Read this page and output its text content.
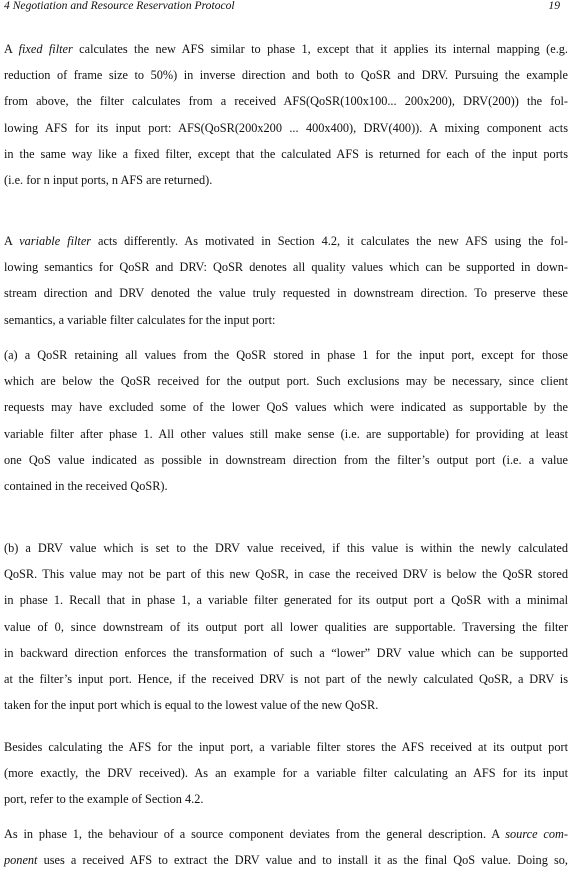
4 Negotiation and Resource Reservation Protocol	19
A fixed filter calculates the new AFS similar to phase 1, except that it applies its internal mapping (e.g.
reduction of frame size to 50%) in inverse direction and both to QoSR and DRV. Pursuing the example
from above, the filter calculates from a received AFS(QoSR(100x100... 200x200), DRV(200)) the fol-
lowing AFS for its input port: AFS(QoSR(200x200 ... 400x400), DRV(400)). A mixing component acts
in the same way like a fixed filter, except that the calculated AFS is returned for each of the input ports
(i.e. for n input ports, n AFS are returned).
A variable filter acts differently. As motivated in Section 4.2, it calculates the new AFS using the fol-
lowing semantics for QoSR and DRV: QoSR denotes all quality values which can be supported in down-
stream direction and DRV denoted the value truly requested in downstream direction. To preserve these
semantics, a variable filter calculates for the input port:
(a) a QoSR retaining all values from the QoSR stored in phase 1 for the input port, except for those
which are below the QoSR received for the output port. Such exclusions may be necessary, since client
requests may have excluded some of the lower QoS values which were indicated as supportable by the
variable filter after phase 1. All other values still make sense (i.e. are supportable) for providing at least
one QoS value indicated as possible in downstream direction from the filter’s output port (i.e. a value
contained in the received QoSR).
(b) a DRV value which is set to the DRV value received, if this value is within the newly calculated
QoSR. This value may not be part of this new QoSR, in case the received DRV is below the QoSR stored
in phase 1. Recall that in phase 1, a variable filter generated for its output port a QoSR with a minimal
value of 0, since downstream of its output port all lower qualities are supportable. Traversing the filter
in backward direction enforces the transformation of such a “lower” DRV value which can be supported
at the filter’s input port. Hence, if the received DRV is not part of the newly calculated QoSR, a DRV is
taken for the input port which is equal to the lowest value of the new QoSR.
Besides calculating the AFS for the input port, a variable filter stores the AFS received at its output port
(more exactly, the DRV received). As an example for a variable filter calculating an AFS for its input
port, refer to the example of Section 4.2.
As in phase 1, the behaviour of a source component deviates from the general description. A source com-
ponent uses a received AFS to extract the DRV value and to install it as the final QoS value. Doing so,
